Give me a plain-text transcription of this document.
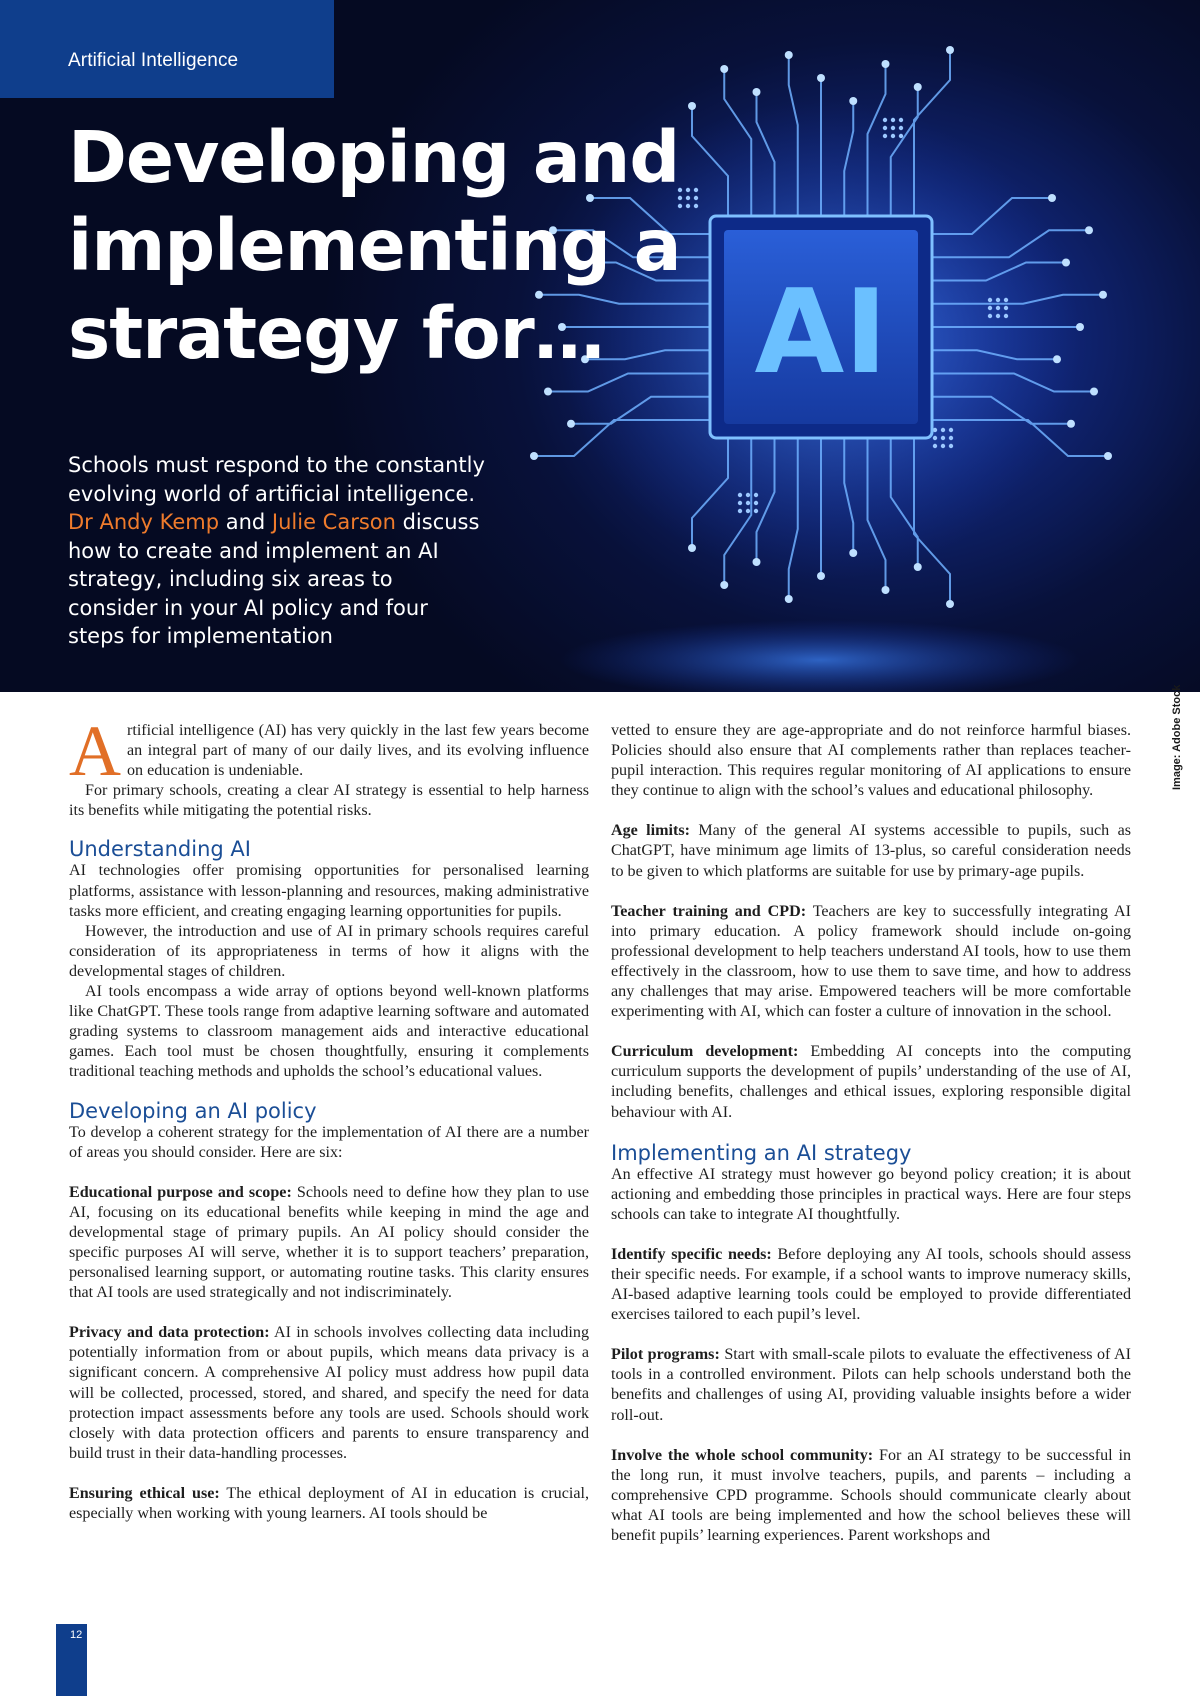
AI
Artificial Intelligence
Developing and implementing a strategy for…

Schools must respond to the constantly evolving world of artificial intelligence. Dr Andy Kemp and Julie Carson discuss how to create and implement an AI strategy, including six areas to consider in your AI policy and four steps for implementation

Artificial intelligence (AI) has very quickly in the last few years become an integral part of many of our daily lives, and its evolving influence on education is undeniable.

For primary schools, creating a clear AI strategy is essential to help harness its benefits while mitigating the potential risks.

Understanding AI

AI technologies offer promising opportunities for personalised learning platforms, assistance with lesson-planning and resources, making administrative tasks more efficient, and creating engaging learning opportunities for pupils.

However, the introduction and use of AI in primary schools requires careful consideration of its appropriateness in terms of how it aligns with the developmental stages of children.

AI tools encompass a wide array of options beyond well-known platforms like ChatGPT. These tools range from adaptive learning software and automated grading systems to classroom management aids and interactive educational games. Each tool must be chosen thoughtfully, ensuring it complements traditional teaching methods and upholds the school’s educational values.

Developing an AI policy

To develop a coherent strategy for the implementation of AI there are a number of areas you should consider. Here are six:

Educational purpose and scope: Schools need to define how they plan to use AI, focusing on its educational benefits while keeping in mind the age and developmental stage of primary pupils. An AI policy should consider the specific purposes AI will serve, whether it is to support teachers’ preparation, personalised learning support, or automating routine tasks. This clarity ensures that AI tools are used strategically and not indiscriminately.

Privacy and data protection: AI in schools involves collecting data including potentially information from or about pupils, which means data privacy is a significant concern. A comprehensive AI policy must address how pupil data will be collected, processed, stored, and shared, and specify the need for data protection impact assessments before any tools are used. Schools should work closely with data protection officers and parents to ensure transparency and build trust in their data-handling processes.

Ensuring ethical use: The ethical deployment of AI in education is crucial, especially when working with young learners. AI tools should be

vetted to ensure they are age-appropriate and do not reinforce harmful biases. Policies should also ensure that AI complements rather than replaces teacher-pupil interaction. This requires regular monitoring of AI applications to ensure they continue to align with the school’s values and educational philosophy.

Age limits: Many of the general AI systems accessible to pupils, such as ChatGPT, have minimum age limits of 13-plus, so careful consideration needs to be given to which platforms are suitable for use by primary-age pupils.

Teacher training and CPD: Teachers are key to successfully integrating AI into primary education. A policy framework should include on-going professional development to help teachers understand AI tools, how to use them effectively in the classroom, how to use them to save time, and how to address any challenges that may arise. Empowered teachers will be more comfortable experimenting with AI, which can foster a culture of innovation in the school.

Curriculum development: Embedding AI concepts into the computing curriculum supports the development of pupils’ understanding of the use of AI, including benefits, challenges and ethical issues, exploring responsible digital behaviour with AI.

Implementing an AI strategy

An effective AI strategy must however go beyond policy creation; it is about actioning and embedding those principles in practical ways. Here are four steps schools can take to integrate AI thoughtfully.

Identify specific needs: Before deploying any AI tools, schools should assess their specific needs. For example, if a school wants to improve numeracy skills, AI-based adaptive learning tools could be employed to provide differentiated exercises tailored to each pupil’s level.

Pilot programs: Start with small-scale pilots to evaluate the effectiveness of AI tools in a controlled environment. Pilots can help schools understand both the benefits and challenges of using AI, providing valuable insights before a wider roll-out.

Involve the whole school community: For an AI strategy to be successful in the long run, it must involve teachers, pupils, and parents – including a comprehensive CPD programme. Schools should communicate clearly about what AI tools are being implemented and how the school believes these will benefit pupils’ learning experiences. Parent workshops and

Image: Adobe Stock
12
